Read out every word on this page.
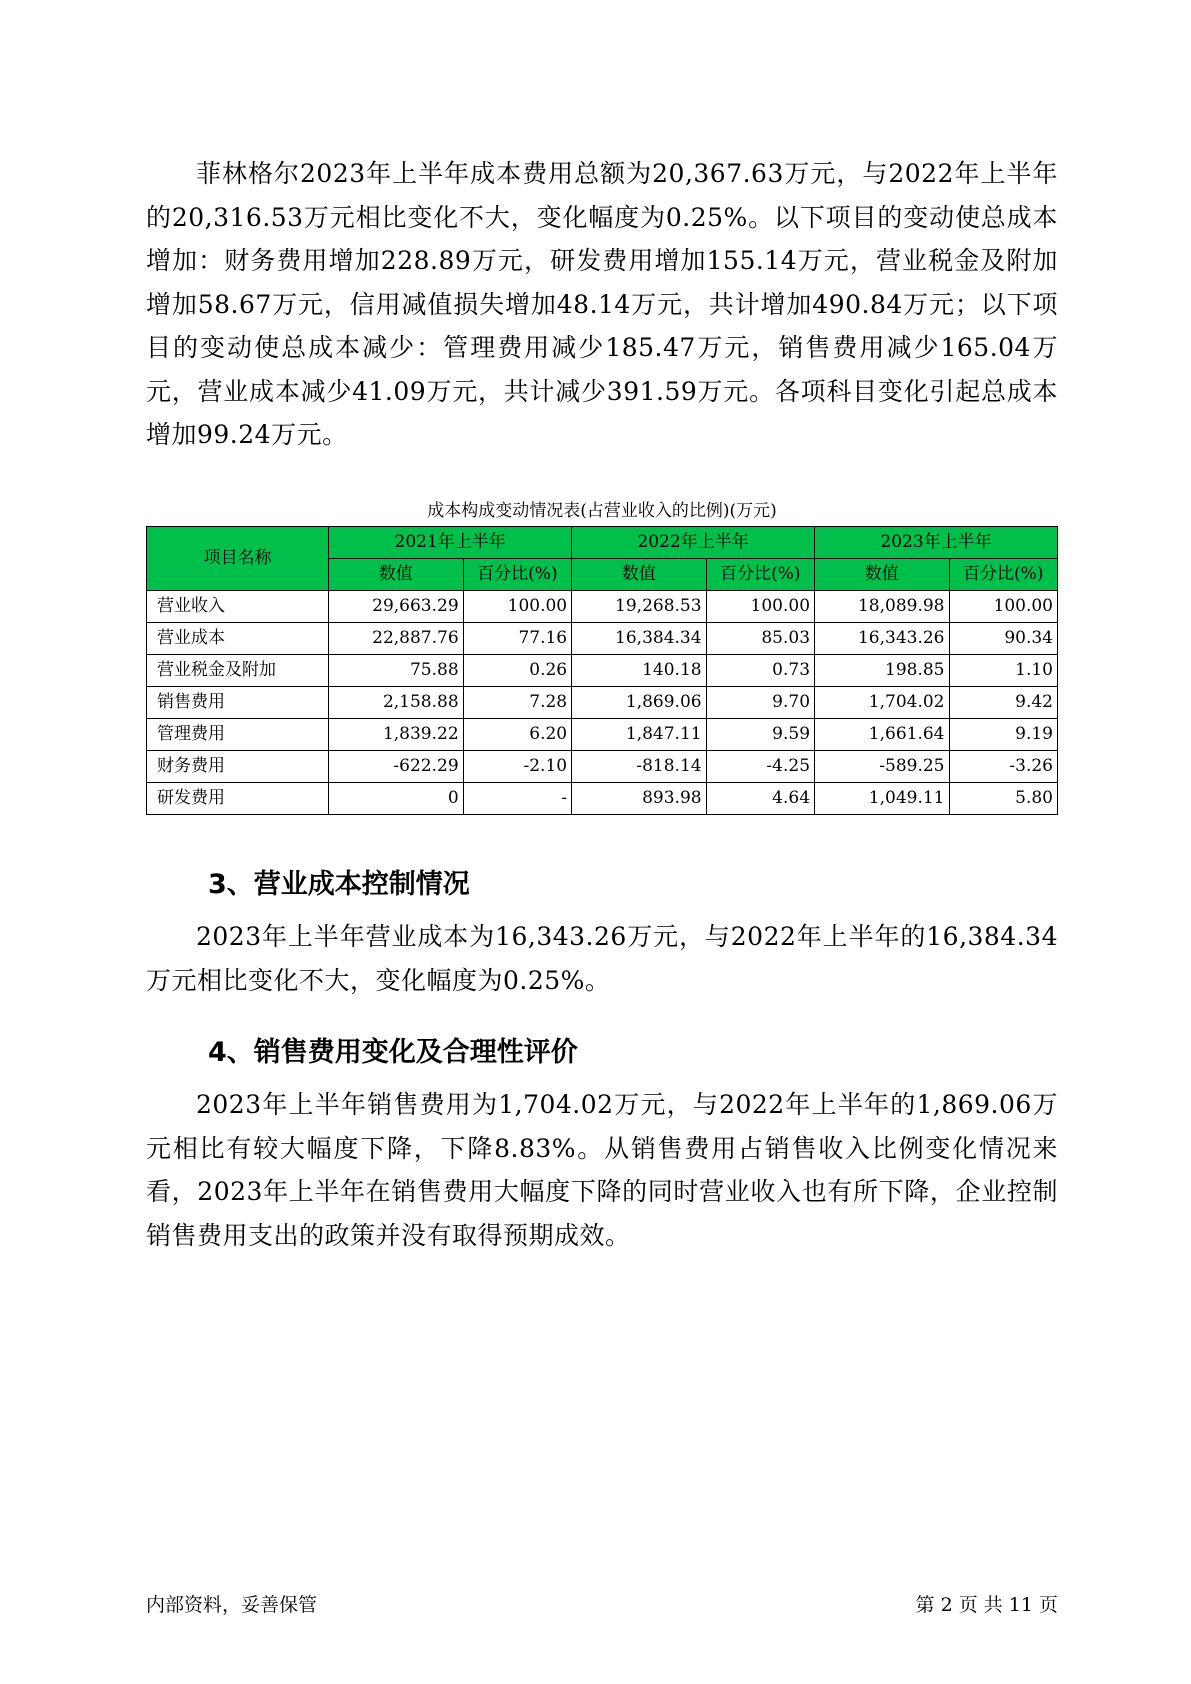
菲林格尔2023年上半年成本费用总额为20,367.63万元，与2022年上半年的20,316.53万元相比变化不大，变化幅度为0.25%。以下项目的变动使总成本增加：财务费用增加228.89万元，研发费用增加155.14万元，营业税金及附加增加58.67万元，信用减值损失增加48.14万元，共计增加490.84万元；以下项目的变动使总成本减少：管理费用减少185.47万元，销售费用减少165.04万元，营业成本减少41.09万元，共计减少391.59万元。各项科目变化引起总成本增加99.24万元。

成本构成变动情况表(占营业收入的比例)(万元)

项目名称	2021年上半年		2022年上半年		2023年上半年	
	数值	百分比(%)	数值	百分比(%)	数值	百分比(%)
营业收入	29,663.29	100.00	19,268.53	100.00	18,089.98	100.00
营业成本	22,887.76	77.16	16,384.34	85.03	16,343.26	90.34
营业税金及附加	75.88	0.26	140.18	0.73	198.85	1.10
销售费用	2,158.88	7.28	1,869.06	9.70	1,704.02	9.42
管理费用	1,839.22	6.20	1,847.11	9.59	1,661.64	9.19
财务费用	-622.29	-2.10	-818.14	-4.25	-589.25	-3.26
研发费用	0	-	893.98	4.64	1,049.11	5.80
3、营业成本控制情况

2023年上半年营业成本为16,343.26万元，与2022年上半年的16,384.34万元相比变化不大，变化幅度为0.25%。

4、销售费用变化及合理性评价

2023年上半年销售费用为1,704.02万元，与2022年上半年的1,869.06万元相比有较大幅度下降，下降8.83%。从销售费用占销售收入比例变化情况来看，2023年上半年在销售费用大幅度下降的同时营业收入也有所下降，企业控制销售费用支出的政策并没有取得预期成效。

内部资料，妥善保管	第 2 页 共 11 页
